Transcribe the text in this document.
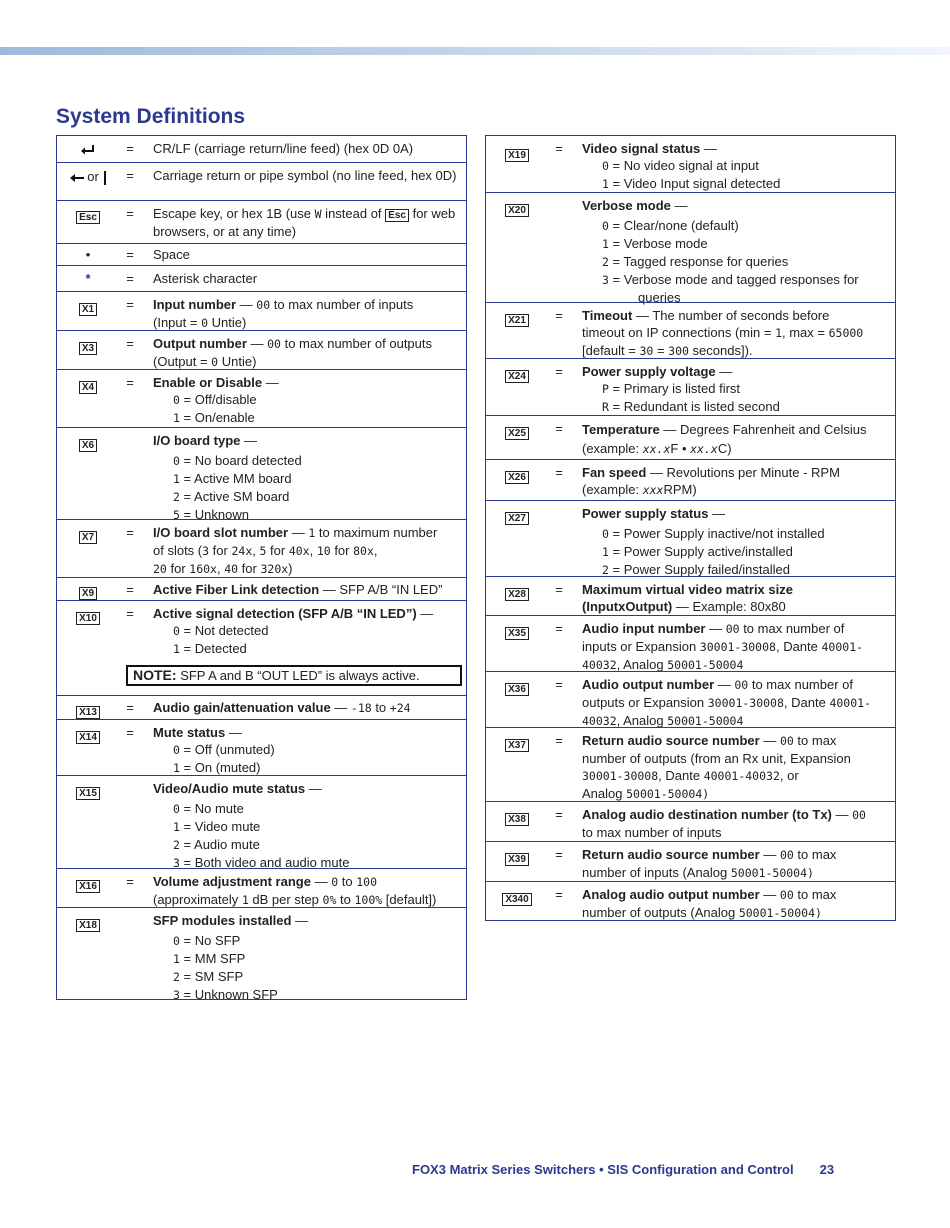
System Definitions
= CR/LF (carriage return/line feed) (hex 0D 0A)
or	= Carriage return or pipe symbol (no line feed, hex 0D)
Esc	= Escape key, or hex 1B (use W instead of Esc for web browsers, or at any time)
•	= Space
*	= Asterisk character
X1	= Input number — 00 to max number of inputs
(Input = 0 Untie)
X3	= Output number — 00 to max number of outputs
(Output = 0 Untie)
X4	= Enable or Disable —
0 = Off/disable
1 = On/enable
X6	I/O board type —
0 = No board detected
1 = Active MM board
2 = Active SM board
5 = Unknown
X7	= I/O board slot number — 1 to maximum number
of slots (3 for 24x, 5 for 40x, 10 for 80x,
20 for 160x, 40 for 320x)
X9	= Active Fiber Link detection — SFP A/B “IN LED”
X10	= Active signal detection (SFP A/B “IN LED”) —
0 = Not detected
1 = Detected
NOTE: SFP A and B “OUT LED” is always active.
X13	= Audio gain/attenuation value — -18 to +24
X14	= Mute status —
0 = Off (unmuted)
1 = On (muted)
X15	Video/Audio mute status —
0 = No mute
1 = Video mute
2 = Audio mute
3 = Both video and audio mute
X16	= Volume adjustment range — 0 to 100
(approximately 1 dB per step 0% to 100% [default])
X18	SFP modules installed —
0 = No SFP
1 = MM SFP
2 = SM SFP
3 = Unknown SFP
X19	= Video signal status —
0 = No video signal at input
1 = Video Input signal detected
X20	Verbose mode —
0 = Clear/none (default)
1 = Verbose mode
2 = Tagged response for queries
3 = Verbose mode and tagged responses for
queries
X21	= Timeout — The number of seconds before
timeout on IP connections (min = 1, max = 65000
[default = 30 = 300 seconds]).
X24	= Power supply voltage —
P = Primary is listed first
R = Redundant is listed second
X25	= Temperature — Degrees Fahrenheit and Celsius
(example: xx.xF • xx.xC)
X26	= Fan speed — Revolutions per Minute - RPM
(example: xxxRPM)
X27	Power supply status —
0 = Power Supply inactive/not installed
1 = Power Supply active/installed
2 = Power Supply failed/installed
X28	= Maximum virtual video matrix size
(InputxOutput) — Example: 80x80
X35	= Audio input number — 00 to max number of
inputs or Expansion 30001-30008, Dante 40001-
40032, Analog 50001-50004
X36	= Audio output number — 00 to max number of
outputs or Expansion 30001-30008, Dante 40001-
40032, Analog 50001-50004
X37	= Return audio source number — 00 to max
number of outputs (from an Rx unit, Expansion
30001-30008, Dante 40001-40032, or
Analog 50001-50004)
X38	= Analog audio destination number (to Tx) — 00
to max number of inputs
X39	= Return audio source number — 00 to max
number of inputs (Analog 50001-50004)
X340	= Analog audio output number — 00 to max
number of outputs (Analog 50001-50004)
FOX3 Matrix Series Switchers • SIS Configuration and Control 23
